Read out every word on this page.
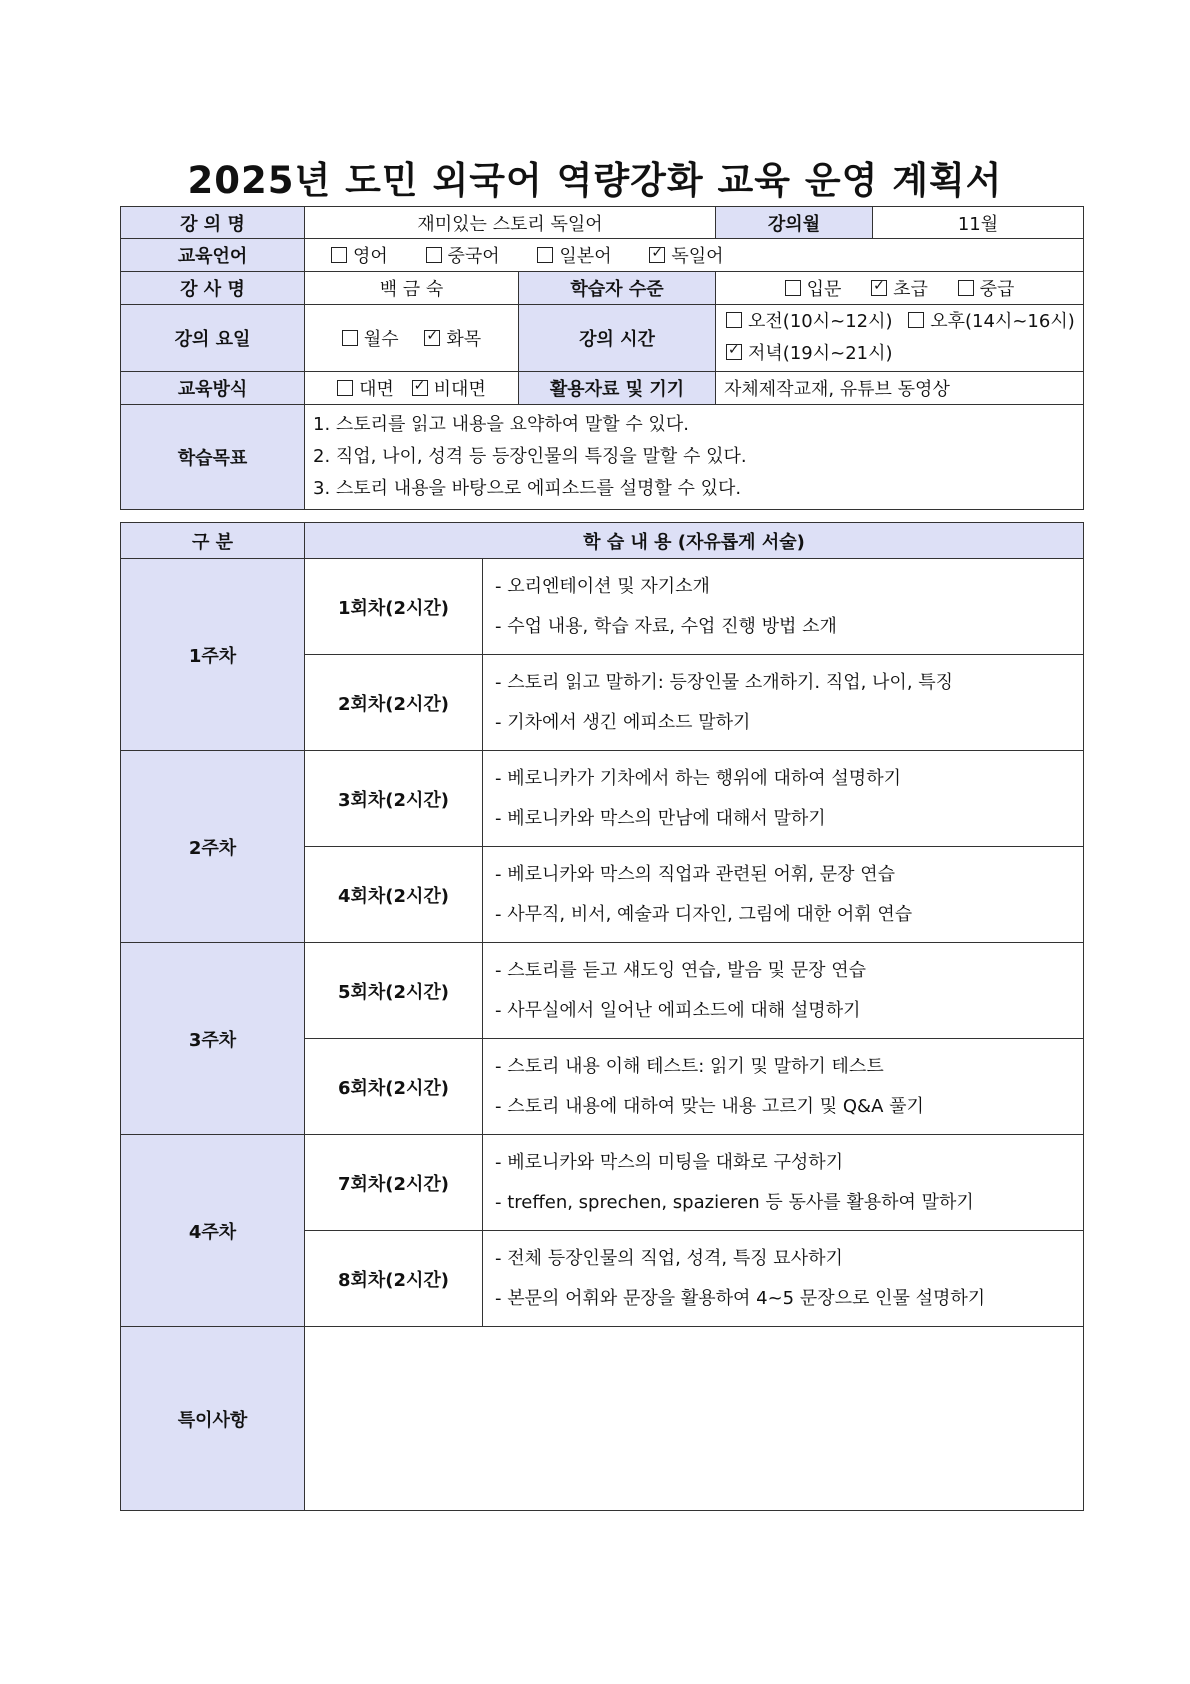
2025년 도민 외국어 역량강화 교육 운영 계획서
강 의 명	재미있는 스토리 독일어		강의월	11월
교육언어	영어 중국어 일본어 ✓ 독일어
강 사 명	백 금 숙	학습자 수준	입문 ✓ 초급 중급
강의 요일	월수 ✓ 화목	강의 시간	오전(10시~12시) 오후(14시~16시)
✓저녁(19시~21시)

교육방식	대면 ✓ 비대면	활용자료 및 기기	자체제작교재, 유튜브 동영상	
학습목표	1. 스토리를 읽고 내용을 요약하여 말할 수 있다.
2. 직업, 나이, 성격 등 등장인물의 특징을 말할 수 있다.
3. 스토리 내용을 바탕으로 에피소드를 설명할 수 있다.			
구 분	학 습 내 용 (자유롭게 서술)	
1주차	1회차(2시간)	- 오리엔테이션 및 자기소개
- 수업 내용, 학습 자료, 수업 진행 방법 소개

	2회차(2시간)	- 스토리 읽고 말하기: 등장인물 소개하기. 직업, 나이, 특징
- 기차에서 생긴 에피소드 말하기

2주차	3회차(2시간)	- 베로니카가 기차에서 하는 행위에 대하여 설명하기
- 베로니카와 막스의 만남에 대해서 말하기

	4회차(2시간)	- 베로니카와 막스의 직업과 관련된 어휘, 문장 연습
- 사무직, 비서, 예술과 디자인, 그림에 대한 어휘 연습

3주차	5회차(2시간)	- 스토리를 듣고 섀도잉 연습, 발음 및 문장 연습
- 사무실에서 일어난 에피소드에 대해 설명하기

	6회차(2시간)	- 스토리 내용 이해 테스트: 읽기 및 말하기 테스트
- 스토리 내용에 대하여 맞는 내용 고르기 및 Q&A 풀기

4주차	7회차(2시간)	- 베로니카와 막스의 미팅을 대화로 구성하기
- treffen, sprechen, spazieren 등 동사를 활용하여 말하기

	8회차(2시간)	- 전체 등장인물의 직업, 성격, 특징 묘사하기
- 본문의 어휘와 문장을 활용하여 4~5 문장으로 인물 설명하기

특이사항		
